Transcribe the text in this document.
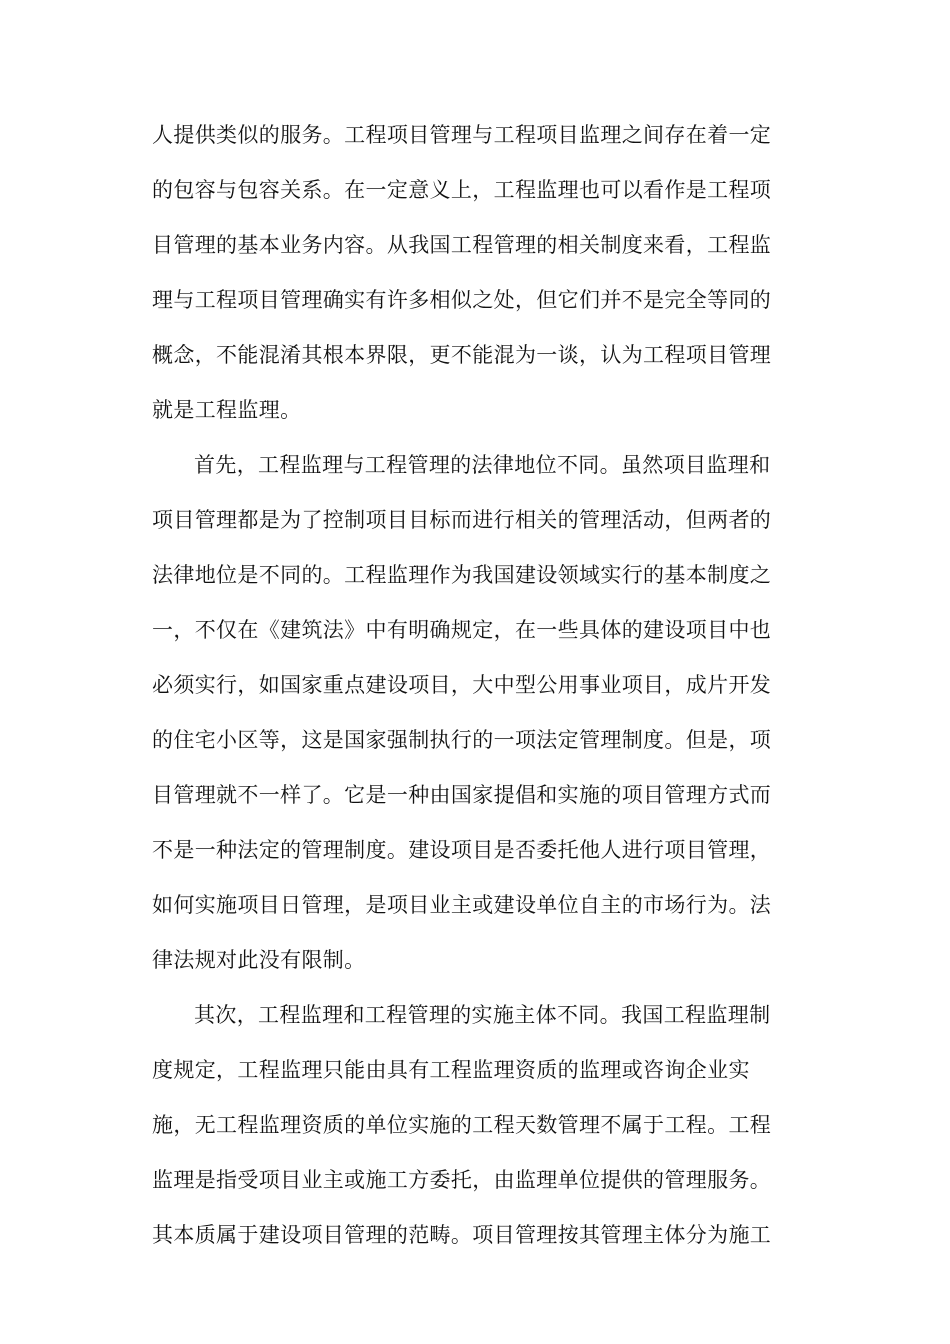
人提供类似的服务。工程项目管理与工程项目监理之间存在着一定
的包容与包容关系。在一定意义上，工程监理也可以看作是工程项
目管理的基本业务内容。从我国工程管理的相关制度来看，工程监
理与工程项目管理确实有许多相似之处，但它们并不是完全等同的
概念，不能混淆其根本界限，更不能混为一谈，认为工程项目管理
就是工程监理。
首先，工程监理与工程管理的法律地位不同。虽然项目监理和
项目管理都是为了控制项目目标而进行相关的管理活动，但两者的
法律地位是不同的。工程监理作为我国建设领域实行的基本制度之
一，不仅在《建筑法》中有明确规定，在一些具体的建设项目中也
必须实行，如国家重点建设项目，大中型公用事业项目，成片开发
的住宅小区等，这是国家强制执行的一项法定管理制度。但是，项
目管理就不一样了。它是一种由国家提倡和实施的项目管理方式而
不是一种法定的管理制度。建设项目是否委托他人进行项目管理，
如何实施项目日管理，是项目业主或建设单位自主的市场行为。法
律法规对此没有限制。
其次，工程监理和工程管理的实施主体不同。我国工程监理制
度规定，工程监理只能由具有工程监理资质的监理或咨询企业实
施，无工程监理资质的单位实施的工程天数管理不属于工程。工程
监理是指受项目业主或施工方委托，由监理单位提供的管理服务。
其本质属于建设项目管理的范畴。项目管理按其管理主体分为施工
